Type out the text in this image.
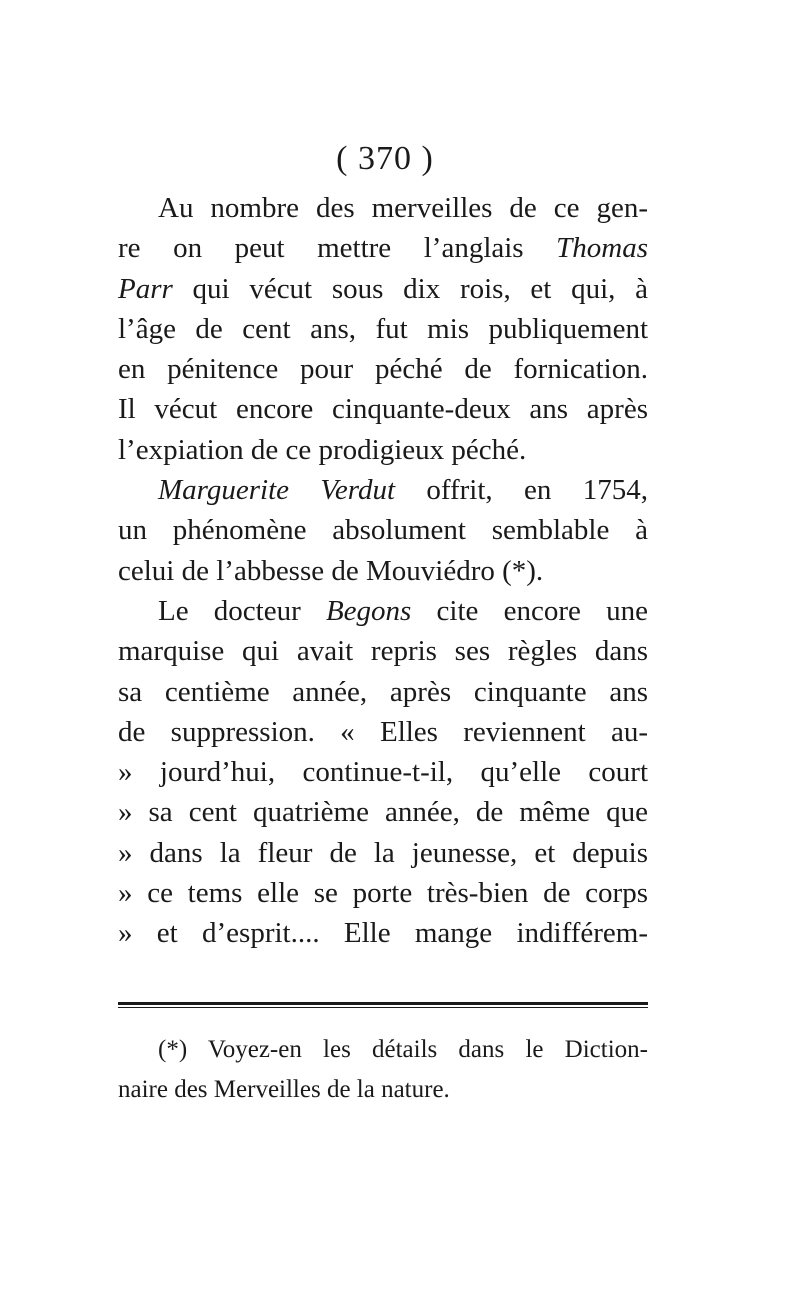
( 370 )
Au nombre des merveilles de ce gen-
re on peut mettre l’anglais Thomas
Parr qui vécut sous dix rois, et qui, à
l’âge de cent ans, fut mis publiquement
en pénitence pour péché de fornication.
Il vécut encore cinquante-deux ans après
l’expiation de ce prodigieux péché.
Marguerite Verdut offrit, en 1754,
un phénomène absolument semblable à
celui de l’abbesse de Mouviédro (*).
Le docteur Begons cite encore une
marquise qui avait repris ses règles dans
sa centième année, après cinquante ans
de suppression. « Elles reviennent au-
» jourd’hui, continue-t-il, qu’elle court
» sa cent quatrième année, de même que
» dans la fleur de la jeunesse, et depuis
» ce tems elle se porte très-bien de corps
» et d’esprit.... Elle mange indifférem-
(*) Voyez-en les détails dans le Diction-
naire des Merveilles de la nature.
